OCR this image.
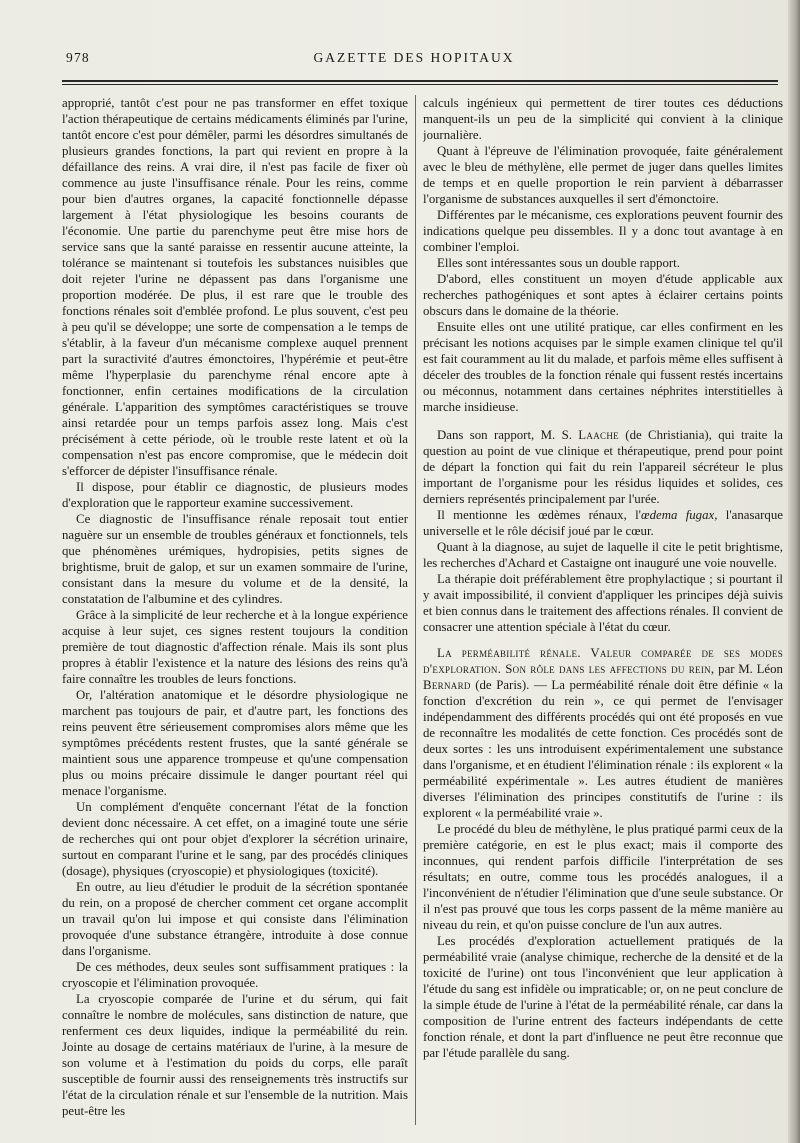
978	GAZETTE DES HOPITAUX

approprié, tantôt c'est pour ne pas transformer en effet toxique l'action thérapeutique de certains médicaments éliminés par l'urine, tantôt encore c'est pour démêler, parmi les désordres simultanés de plusieurs grandes fonctions, la part qui revient en propre à la défaillance des reins. A vrai dire, il n'est pas facile de fixer où commence au juste l'insuffisance rénale. Pour les reins, comme pour bien d'autres organes, la capacité fonctionnelle dépasse largement à l'état physiologique les besoins courants de l'économie. Une partie du parenchyme peut être mise hors de service sans que la santé paraisse en ressentir aucune atteinte, la tolérance se maintenant si toutefois les substances nuisibles que doit rejeter l'urine ne dépassent pas dans l'organisme une proportion modérée. De plus, il est rare que le trouble des fonctions rénales soit d'emblée profond. Le plus souvent, c'est peu à peu qu'il se développe; une sorte de compensation a le temps de s'établir, à la faveur d'un mécanisme complexe auquel prennent part la suractivité d'autres émonctoires, l'hypérémie et peut-être même l'hyperplasie du parenchyme rénal encore apte à fonctionner, enfin certaines modifications de la circulation générale. L'apparition des symptômes caractéristiques se trouve ainsi retardée pour un temps parfois assez long. Mais c'est précisément à cette période, où le trouble reste latent et où la compensation n'est pas encore compromise, que le médecin doit s'efforcer de dépister l'insuffisance rénale.

Il dispose, pour établir ce diagnostic, de plusieurs modes d'exploration que le rapporteur examine successivement.

Ce diagnostic de l'insuffisance rénale reposait tout entier naguère sur un ensemble de troubles généraux et fonctionnels, tels que phénomènes urémiques, hydropisies, petits signes de brightisme, bruit de galop, et sur un examen sommaire de l'urine, consistant dans la mesure du volume et de la densité, la constatation de l'albumine et des cylindres.

Grâce à la simplicité de leur recherche et à la longue expérience acquise à leur sujet, ces signes restent toujours la condition première de tout diagnostic d'affection rénale. Mais ils sont plus propres à établir l'existence et la nature des lésions des reins qu'à faire connaître les troubles de leurs fonctions.

Or, l'altération anatomique et le désordre physiologique ne marchent pas toujours de pair, et d'autre part, les fonctions des reins peuvent être sérieusement compromises alors même que les symptômes précédents restent frustes, que la santé générale se maintient sous une apparence trompeuse et qu'une compensation plus ou moins précaire dissimule le danger pourtant réel qui menace l'organisme.

Un complément d'enquête concernant l'état de la fonction devient donc nécessaire. A cet effet, on a imaginé toute une série de recherches qui ont pour objet d'explorer la sécrétion urinaire, surtout en comparant l'urine et le sang, par des procédés cliniques (dosage), physiques (cryoscopie) et physiologiques (toxicité).

En outre, au lieu d'étudier le produit de la sécrétion spontanée du rein, on a proposé de chercher comment cet organe accomplit un travail qu'on lui impose et qui consiste dans l'élimination provoquée d'une substance étrangère, introduite à dose connue dans l'organisme.

De ces méthodes, deux seules sont suffisamment pratiques : la cryoscopie et l'élimination provoquée.

La cryoscopie comparée de l'urine et du sérum, qui fait connaître le nombre de molécules, sans distinction de nature, que renferment ces deux liquides, indique la perméabilité du rein. Jointe au dosage de certains matériaux de l'urine, à la mesure de son volume et à l'estimation du poids du corps, elle paraît susceptible de fournir aussi des renseignements très instructifs sur l'état de la circulation rénale et sur l'ensemble de la nutrition. Mais peut-être les

calculs ingénieux qui permettent de tirer toutes ces déductions manquent-ils un peu de la simplicité qui convient à la clinique journalière.

Quant à l'épreuve de l'élimination provoquée, faite généralement avec le bleu de méthylène, elle permet de juger dans quelles limites de temps et en quelle proportion le rein parvient à débarrasser l'organisme de substances auxquelles il sert d'émonctoire.

Différentes par le mécanisme, ces explorations peuvent fournir des indications quelque peu dissembles. Il y a donc tout avantage à en combiner l'emploi.

Elles sont intéressantes sous un double rapport.

D'abord, elles constituent un moyen d'étude applicable aux recherches pathogéniques et sont aptes à éclairer certains points obscurs dans le domaine de la théorie.

Ensuite elles ont une utilité pratique, car elles confirment en les précisant les notions acquises par le simple examen clinique tel qu'il est fait couramment au lit du malade, et parfois même elles suffisent à déceler des troubles de la fonction rénale qui fussent restés incertains ou méconnus, notamment dans certaines néphrites interstitielles à marche insidieuse.

Dans son rapport, M. S. Laache (de Christiania), qui traite la question au point de vue clinique et thérapeutique, prend pour point de départ la fonction qui fait du rein l'appareil sécréteur le plus important de l'organisme pour les résidus liquides et solides, ces derniers représentés principalement par l'urée.

Il mentionne les œdèmes rénaux, l'œdema fugax, l'anasarque universelle et le rôle décisif joué par le cœur.

Quant à la diagnose, au sujet de laquelle il cite le petit brightisme, les recherches d'Achard et Castaigne ont inauguré une voie nouvelle.

La thérapie doit préférablement être prophylactique ; si pourtant il y avait impossibilité, il convient d'appliquer les principes déjà suivis et bien connus dans le traitement des affections rénales. Il convient de consacrer une attention spéciale à l'état du cœur.

La perméabilité rénale. Valeur comparée de ses modes d'exploration. Son rôle dans les affections du rein, par M. Léon Bernard (de Paris). — La perméabilité rénale doit être définie « la fonction d'excrétion du rein », ce qui permet de l'envisager indépendamment des différents procédés qui ont été proposés en vue de reconnaître les modalités de cette fonction. Ces procédés sont de deux sortes : les uns introduisent expérimentalement une substance dans l'organisme, et en étudient l'élimination rénale : ils explorent « la perméabilité expérimentale ». Les autres étudient de manières diverses l'élimination des principes constitutifs de l'urine : ils explorent « la perméabilité vraie ».

Le procédé du bleu de méthylène, le plus pratiqué parmi ceux de la première catégorie, en est le plus exact; mais il comporte des inconnues, qui rendent parfois difficile l'interprétation de ses résultats; en outre, comme tous les procédés analogues, il a l'inconvénient de n'étudier l'élimination que d'une seule substance. Or il n'est pas prouvé que tous les corps passent de la même manière au niveau du rein, et qu'on puisse conclure de l'un aux autres.

Les procédés d'exploration actuellement pratiqués de la perméabilité vraie (analyse chimique, recherche de la densité et de la toxicité de l'urine) ont tous l'inconvénient que leur application à l'étude du sang est infidèle ou impraticable; or, on ne peut conclure de la simple étude de l'urine à l'état de la perméabilité rénale, car dans la composition de l'urine entrent des facteurs indépendants de cette fonction rénale, et dont la part d'influence ne peut être reconnue que par l'étude parallèle du sang.
